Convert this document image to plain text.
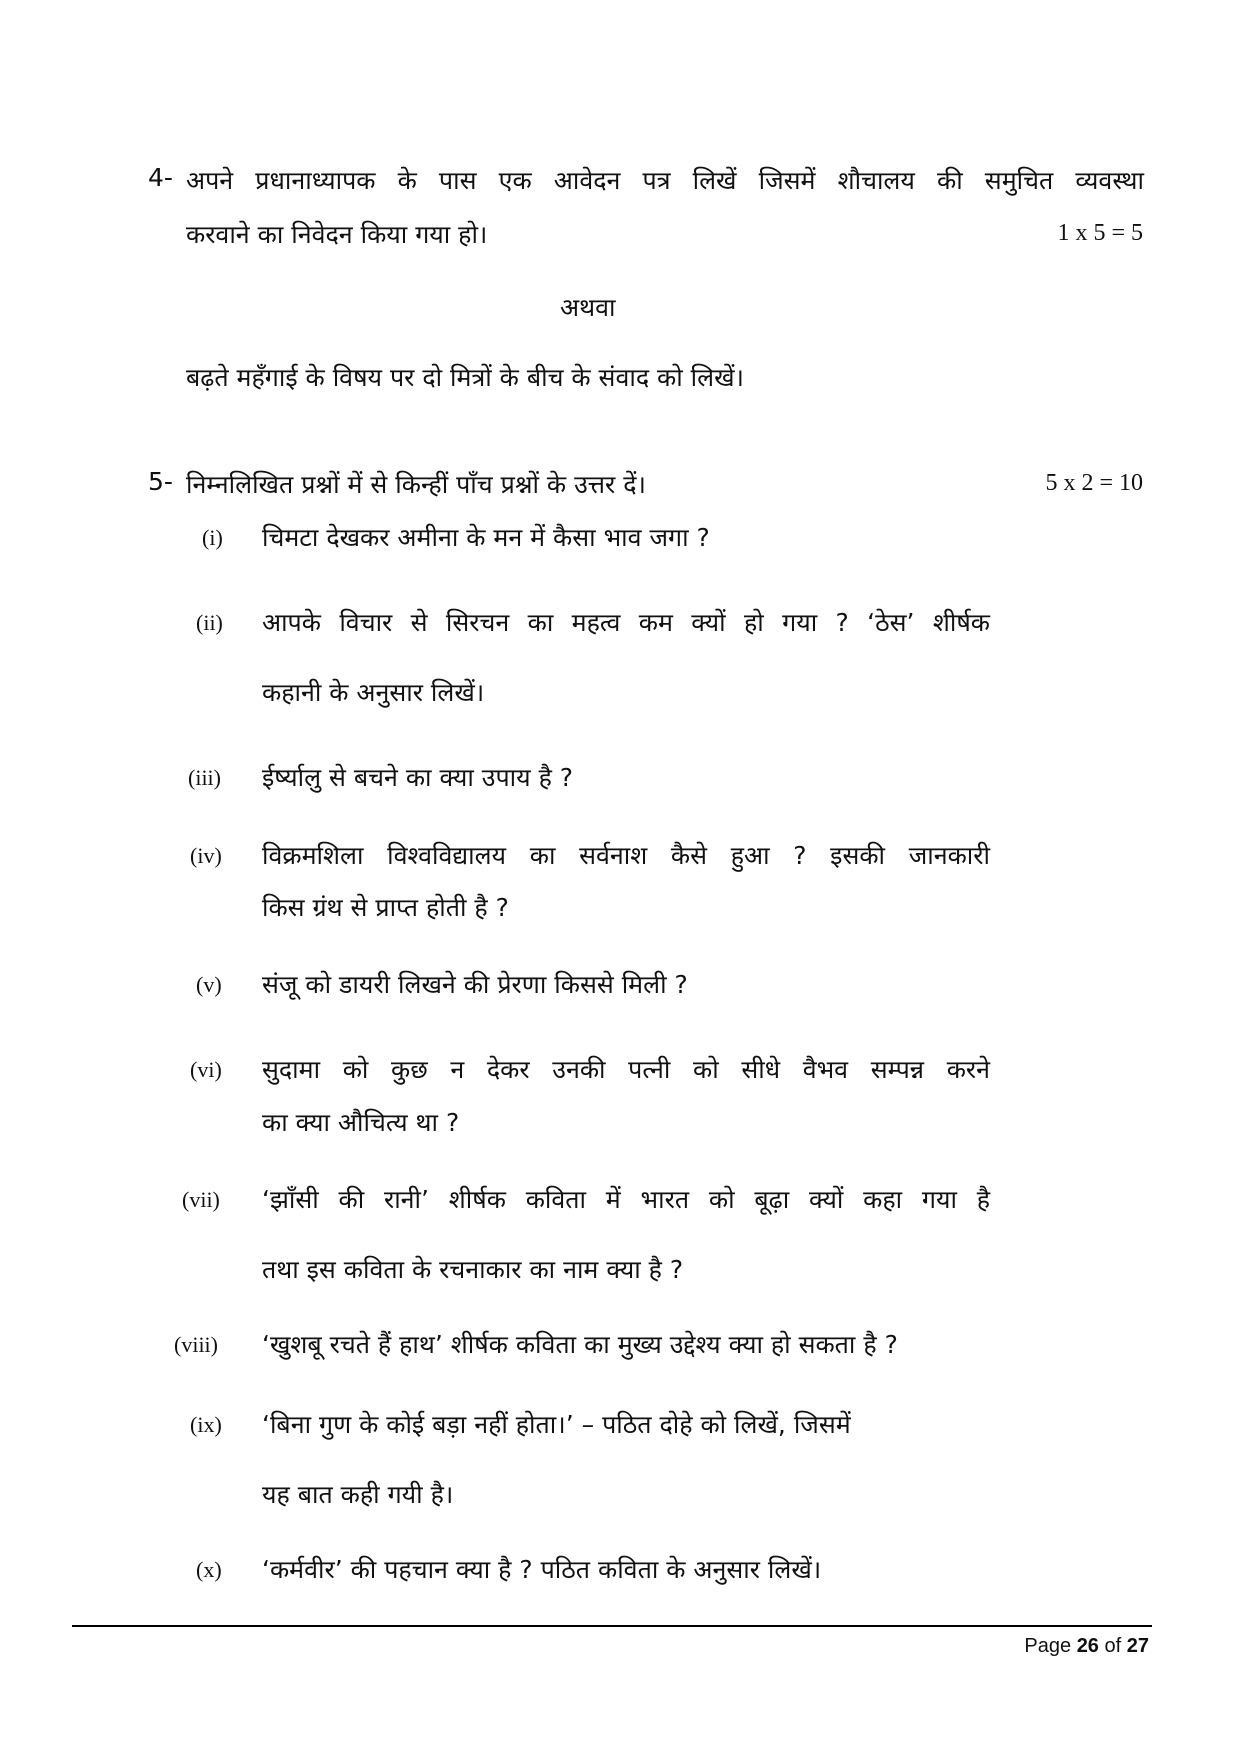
4- अपने प्रधानाध्यापक के पास एक आवेदन पत्र लिखें जिसमें शौचालय की समुचित व्यवस्था
करवाने का निवेदन किया गया हो।	1 x 5 = 5
अथवा
बढ़ते महँगाई के विषय पर दो मित्रों के बीच के संवाद को लिखें।
5- निम्नलिखित प्रश्नों में से किन्हीं पाँच प्रश्नों के उत्तर दें।	5 x 2 = 10
(i) चिमटा देखकर अमीना के मन में कैसा भाव जगा ?
(ii) आपके विचार से सिरचन का महत्व कम क्यों हो गया ? ‘ठेस’ शीर्षक
कहानी के अनुसार लिखें।
(iii) ईर्ष्यालु से बचने का क्या उपाय है ?
(iv) विक्रमशिला विश्वविद्यालय का सर्वनाश कैसे हुआ ? इसकी जानकारी
किस ग्रंथ से प्राप्त होती है ?
(v) संजू को डायरी लिखने की प्रेरणा किससे मिली ?
(vi) सुदामा को कुछ न देकर उनकी पत्नी को सीधे वैभव सम्पन्न करने
का क्या औचित्य था ?
(vii) ‘झाँसी की रानी’ शीर्षक कविता में भारत को बूढ़ा क्यों कहा गया है
तथा इस कविता के रचनाकार का नाम क्या है ?
(viii) ‘खुशबू रचते हैं हाथ’ शीर्षक कविता का मुख्य उद्देश्य क्या हो सकता है ?
(ix) ‘बिना गुण के कोई बड़ा नहीं होता।’ – पठित दोहे को लिखें, जिसमें
यह बात कही गयी है।
(x) ‘कर्मवीर’ की पहचान क्या है ? पठित कविता के अनुसार लिखें।
Page 26 of 27
